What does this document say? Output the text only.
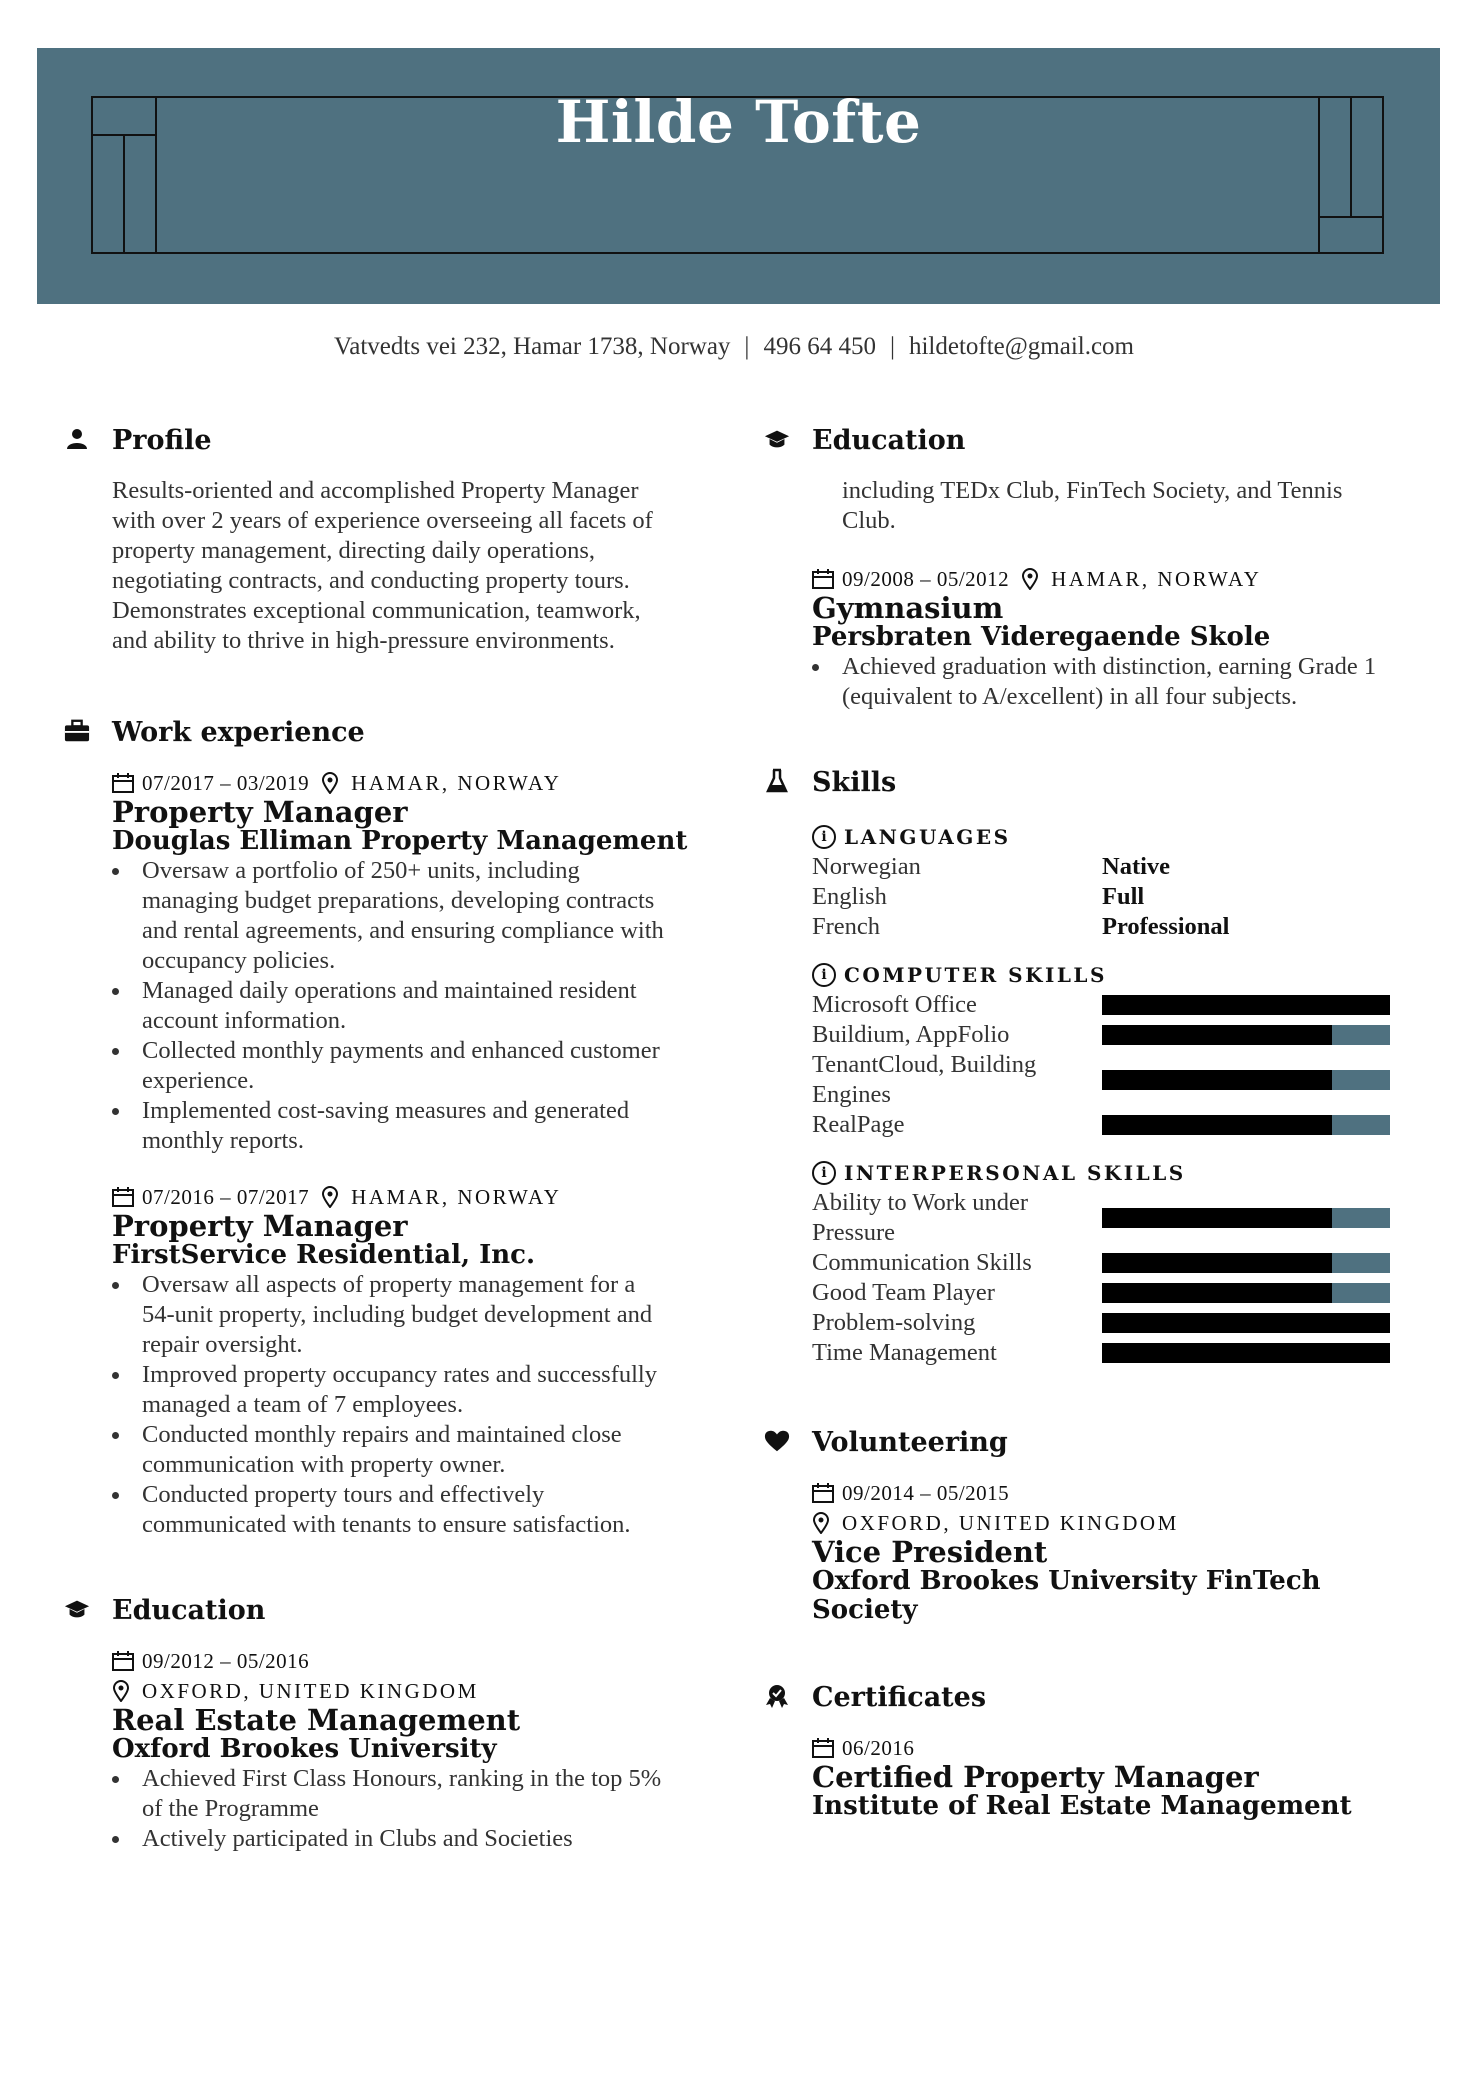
Hilde Tofte
Vatvedts vei 232, Hamar 1738, Norway | 496 64 450 | hildetofte@gmail.com
Profile
Results-oriented and accomplished Property Manager with over 2 years of experience overseeing all facets of property management, directing daily operations, negotiating contracts, and conducting property tours. Demonstrates exceptional communication, teamwork, and ability to thrive in high-pressure environments.
Work experience
07/2017 – 03/2019 HAMAR, NORWAY
Property Manager
Douglas Elliman Property Management
Oversaw a portfolio of 250+ units, including managing budget preparations, developing contracts and rental agreements, and ensuring compliance with occupancy policies.
Managed daily operations and maintained resident account information.
Collected monthly payments and enhanced customer experience.
Implemented cost-saving measures and generated monthly reports.
07/2016 – 07/2017 HAMAR, NORWAY
Property Manager
FirstService Residential, Inc.
Oversaw all aspects of property management for a 54-unit property, including budget development and repair oversight.
Improved property occupancy rates and successfully managed a team of 7 employees.
Conducted monthly repairs and maintained close communication with property owner.
Conducted property tours and effectively communicated with tenants to ensure satisfaction.
Education
09/2012 – 05/2016
OXFORD, UNITED KINGDOM
Real Estate Management
Oxford Brookes University
Achieved First Class Honours, ranking in the top 5% of the Programme
Actively participated in Clubs and Societies
Education
including TEDx Club, FinTech Society, and Tennis Club.
09/2008 – 05/2012 HAMAR, NORWAY
Gymnasium
Persbraten Videregaende Skole
Achieved graduation with distinction, earning Grade 1 (equivalent to A/excellent) in all four subjects.
Skills
i LANGUAGES
Norwegian	Native
English	Full
French	Professional
i COMPUTER SKILLS
Microsoft Office
Buildium, AppFolio
TenantCloud, Building Engines
RealPage
i INTERPERSONAL SKILLS
Ability to Work under Pressure
Communication Skills
Good Team Player
Problem-solving
Time Management
Volunteering
09/2014 – 05/2015
OXFORD, UNITED KINGDOM
Vice President
Oxford Brookes University FinTech Society
Certificates
06/2016
Certified Property Manager
Institute of Real Estate Management
